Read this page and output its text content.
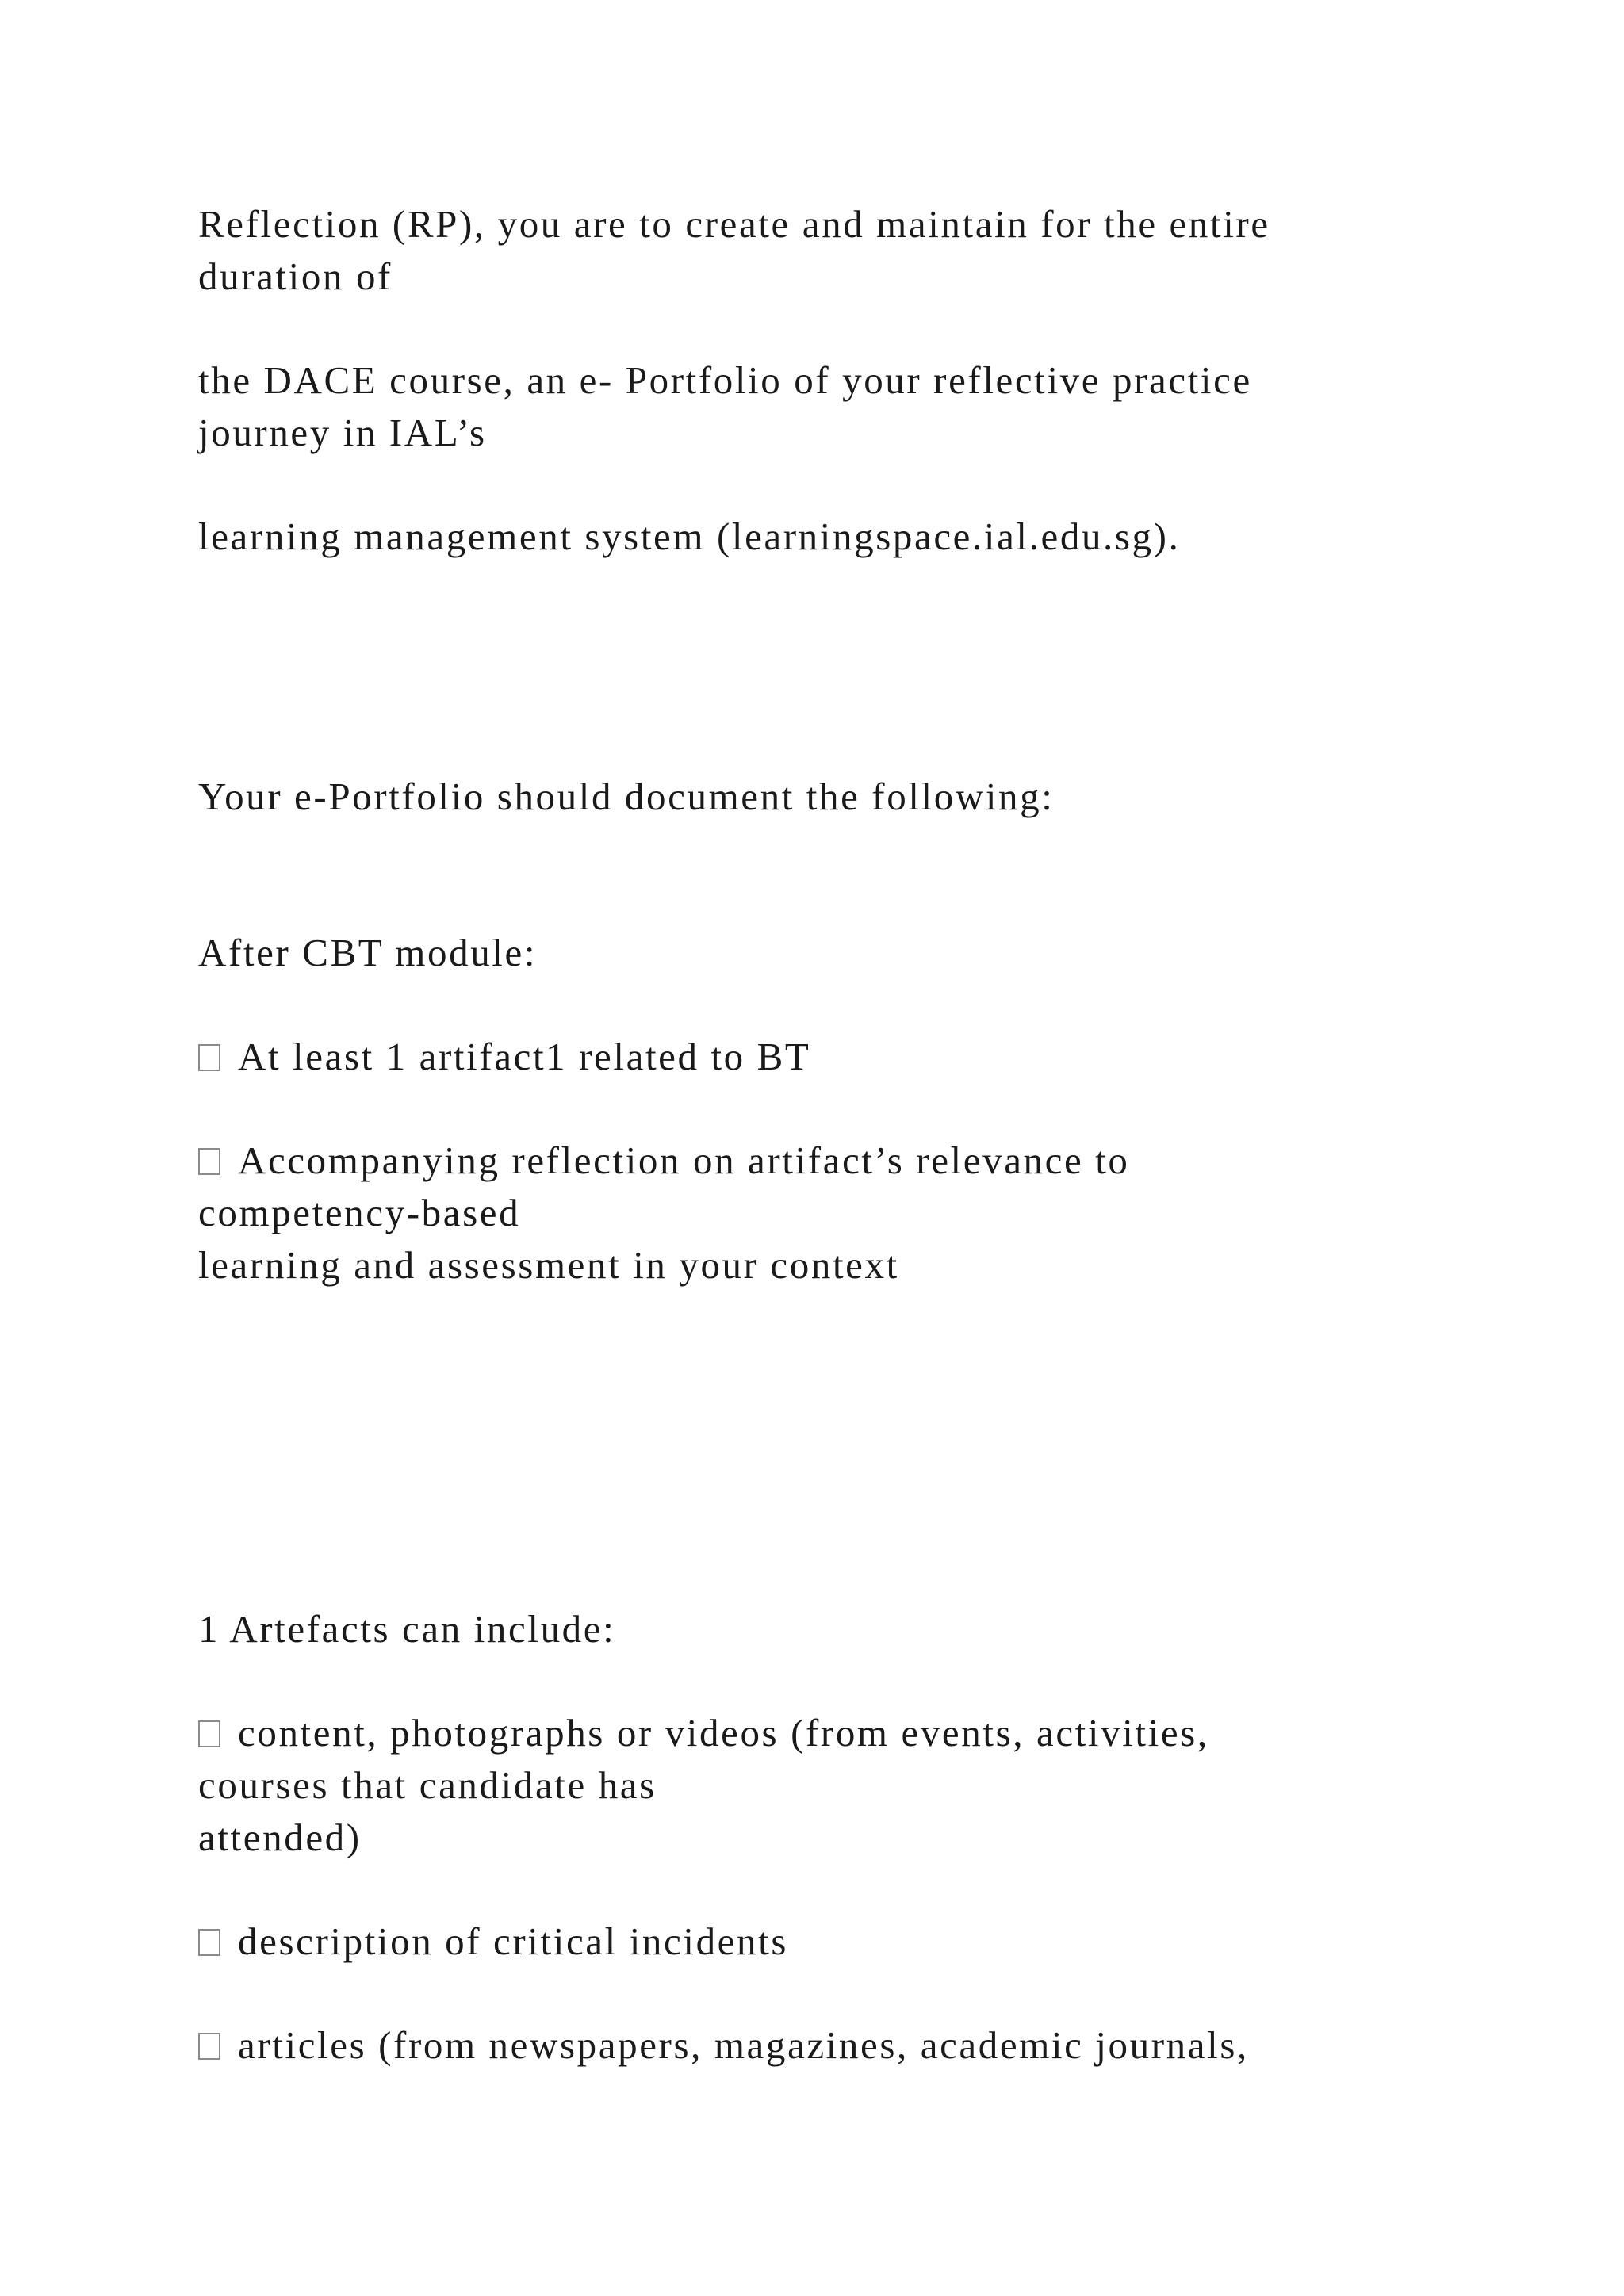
Reflection (RP), you are to create and maintain for the entire
duration of
the DACE course, an e- Portfolio of your reflective practice
journey in IAL’s
learning management system (learningspace.ial.edu.sg).
Your e-Portfolio should document the following:
After CBT module:
At least 1 artifact1 related to BT
Accompanying reflection on artifact’s relevance to
competency-based
learning and assessment in your context
1 Artefacts can include:
content, photographs or videos (from events, activities,
courses that candidate has
attended)
description of critical incidents
articles (from newspapers, magazines, academic journals,
